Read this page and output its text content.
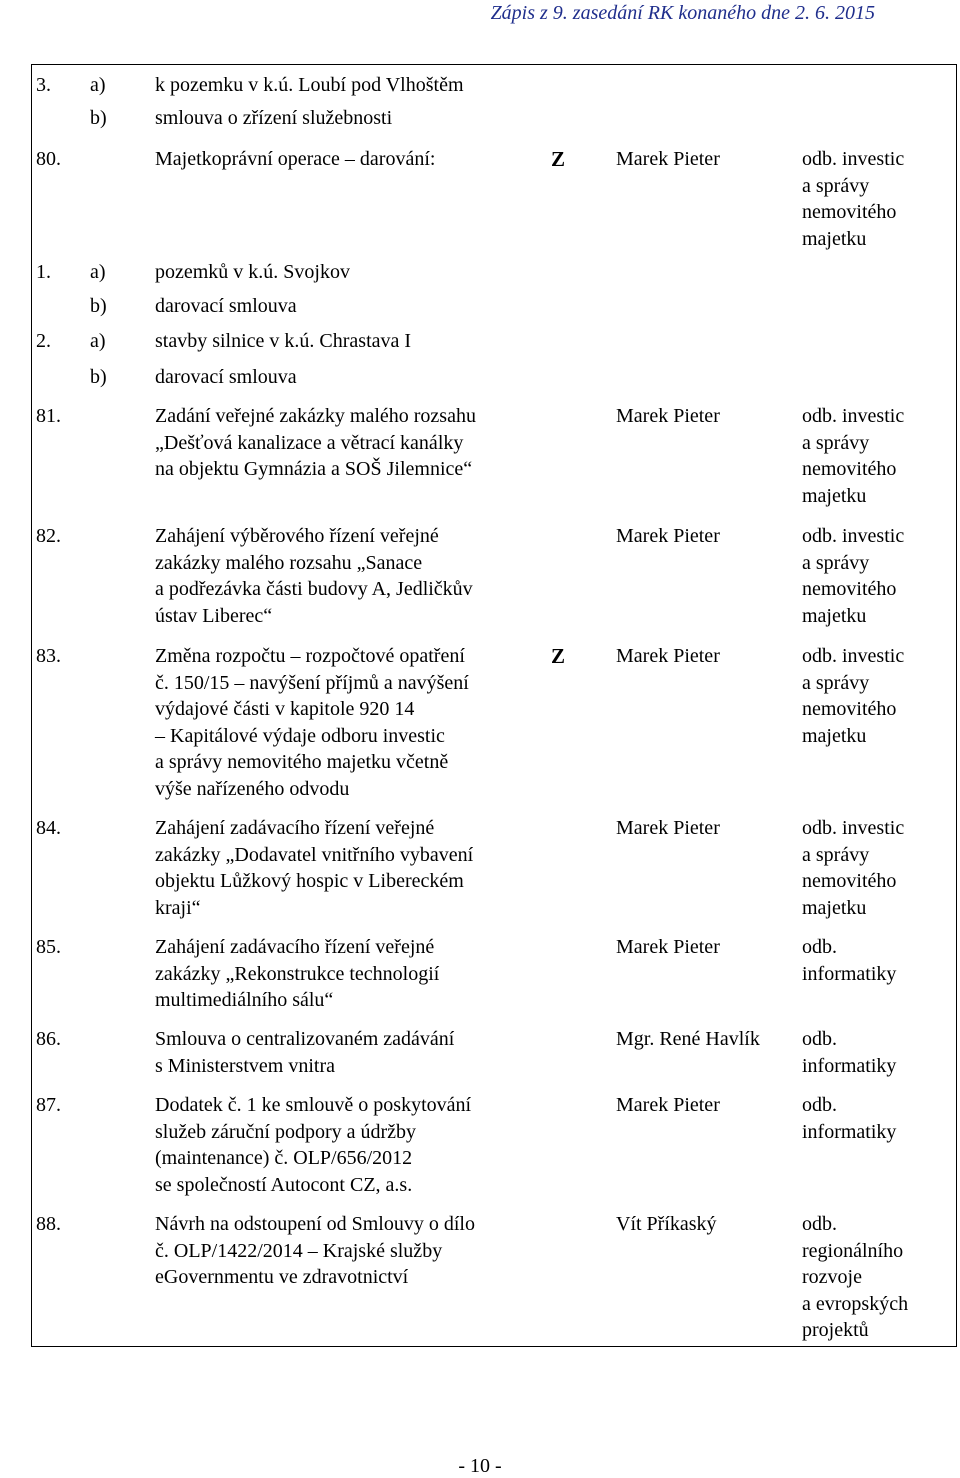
Zápis z 9. zasedání RK konaného dne 2. 6. 2015
3. a) k pozemku v k.ú. Loubí pod Vlhoštěm
b) smlouva o zřízení služebnosti
80.	Majetkoprávní operace – darování:	Z	Marek Pieter	odb. investic
a správy
nemovitého
majetku
1. a) pozemků v k.ú. Svojkov
b) darovací smlouva
2. a) stavby silnice v k.ú. Chrastava I
b) darovací smlouva
81.	Zadání veřejné zakázky malého rozsahu
„Dešťová kanalizace a větrací kanálky
na objektu Gymnázia a SOŠ Jilemnice“
Marek Pieter	odb. investic
a správy
nemovitého
majetku
82.	Zahájení výběrového řízení veřejné
zakázky malého rozsahu „Sanace
a podřezávka části budovy A, Jedličkův
ústav Liberec“
Marek Pieter	odb. investic
a správy
nemovitého
majetku
83.	Změna rozpočtu – rozpočtové opatření
č. 150/15 – navýšení příjmů a navýšení
výdajové části v kapitole 920 14
– Kapitálové výdaje odboru investic
a správy nemovitého majetku včetně
výše nařízeného odvodu
Z	Marek Pieter	odb. investic
a správy
nemovitého
majetku
84.	Zahájení zadávacího řízení veřejné
zakázky „Dodavatel vnitřního vybavení
objektu Lůžkový hospic v Libereckém
kraji“
Marek Pieter	odb. investic
a správy
nemovitého
majetku
85.	Zahájení zadávacího řízení veřejné
zakázky „Rekonstrukce technologií
multimediálního sálu“
Marek Pieter	odb.
informatiky
86.	Smlouva o centralizovaném zadávání
s Ministerstvem vnitra
Mgr. René Havlík odb.
informatiky
87.	Dodatek č. 1 ke smlouvě o poskytování
služeb záruční podpory a údržby
(maintenance) č. OLP/656/2012
se společností Autocont CZ, a.s.
Marek Pieter	odb.
informatiky
88.	Návrh na odstoupení od Smlouvy o dílo
č. OLP/1422/2014 – Krajské služby
eGovernmentu ve zdravotnictví
Vít Příkaský	odb.
regionálního
rozvoje
a evropských
projektů
- 10 -
